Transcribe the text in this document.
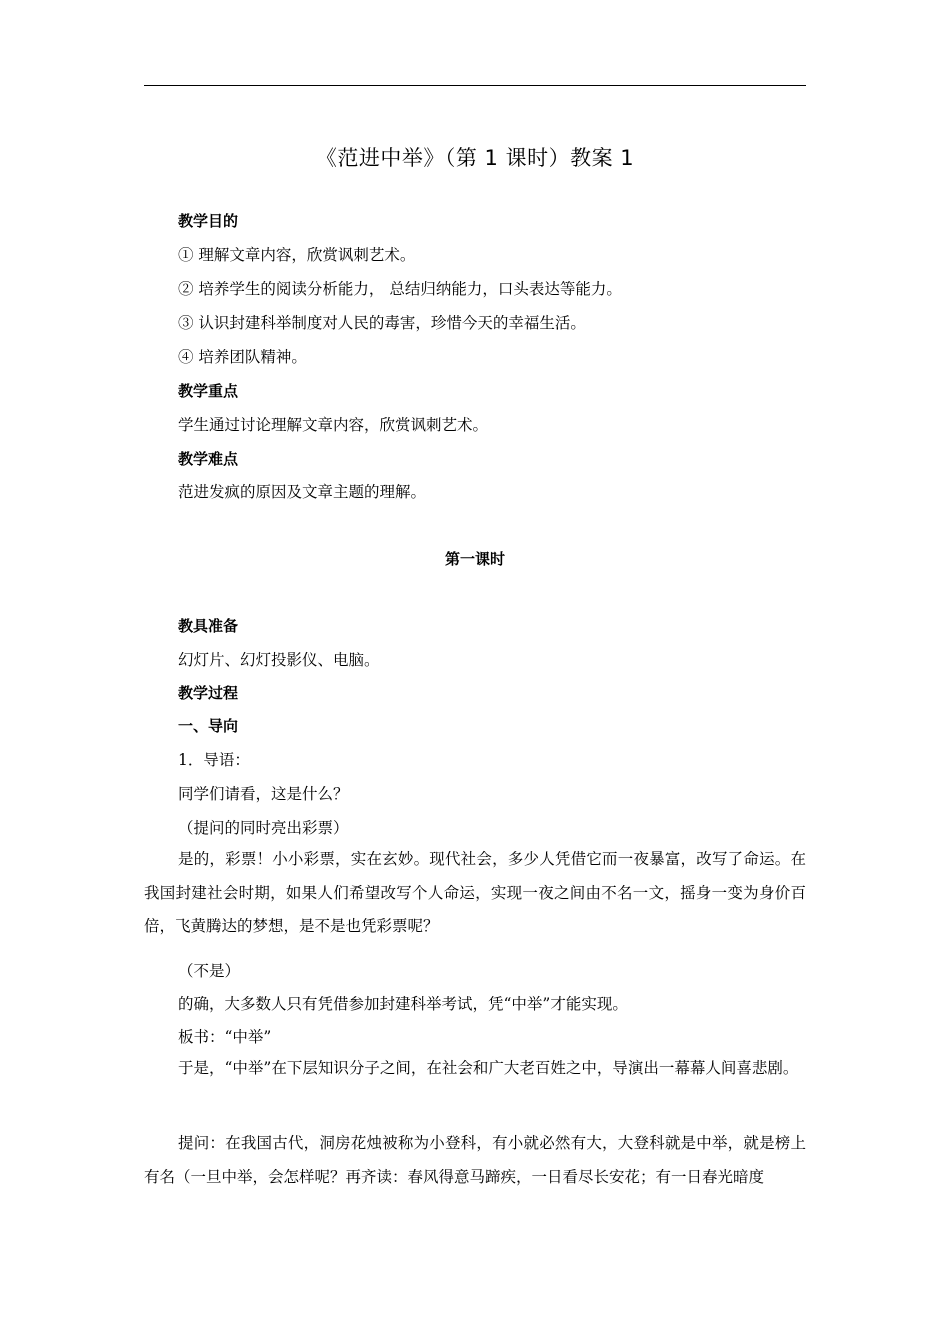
《范进中举》（第 1 课时）教案 1
教学目的
① 理解文章内容，欣赏讽刺艺术。
② 培养学生的阅读分析能力， 总结归纳能力，口头表达等能力。
③ 认识封建科举制度对人民的毒害，珍惜今天的幸福生活。
④ 培养团队精神。
教学重点
学生通过讨论理解文章内容，欣赏讽刺艺术。
教学难点
范进发疯的原因及文章主题的理解。
第一课时
教具准备
幻灯片、幻灯投影仪、电脑。
教学过程
一、导向
1．导语：
同学们请看，这是什么？
（提问的同时亮出彩票）
是的，彩票！小小彩票，实在玄妙。现代社会，多少人凭借它而一夜暴富，改写了命运。在我国封建社会时期，如果人们希望改写个人命运，实现一夜之间由不名一文，摇身一变为身价百倍，飞黄腾达的梦想，是不是也凭彩票呢？
（不是）
的确，大多数人只有凭借参加封建科举考试，凭“中举”才能实现。
板书：“中举”
于是，“中举”在下层知识分子之间，在社会和广大老百姓之中，导演出一幕幕人间喜悲剧。
提问：在我国古代，洞房花烛被称为小登科，有小就必然有大，大登科就是中举，就是榜上有名（一旦中举，会怎样呢？再齐读：春风得意马蹄疾，一日看尽长安花；有一日春光暗度
